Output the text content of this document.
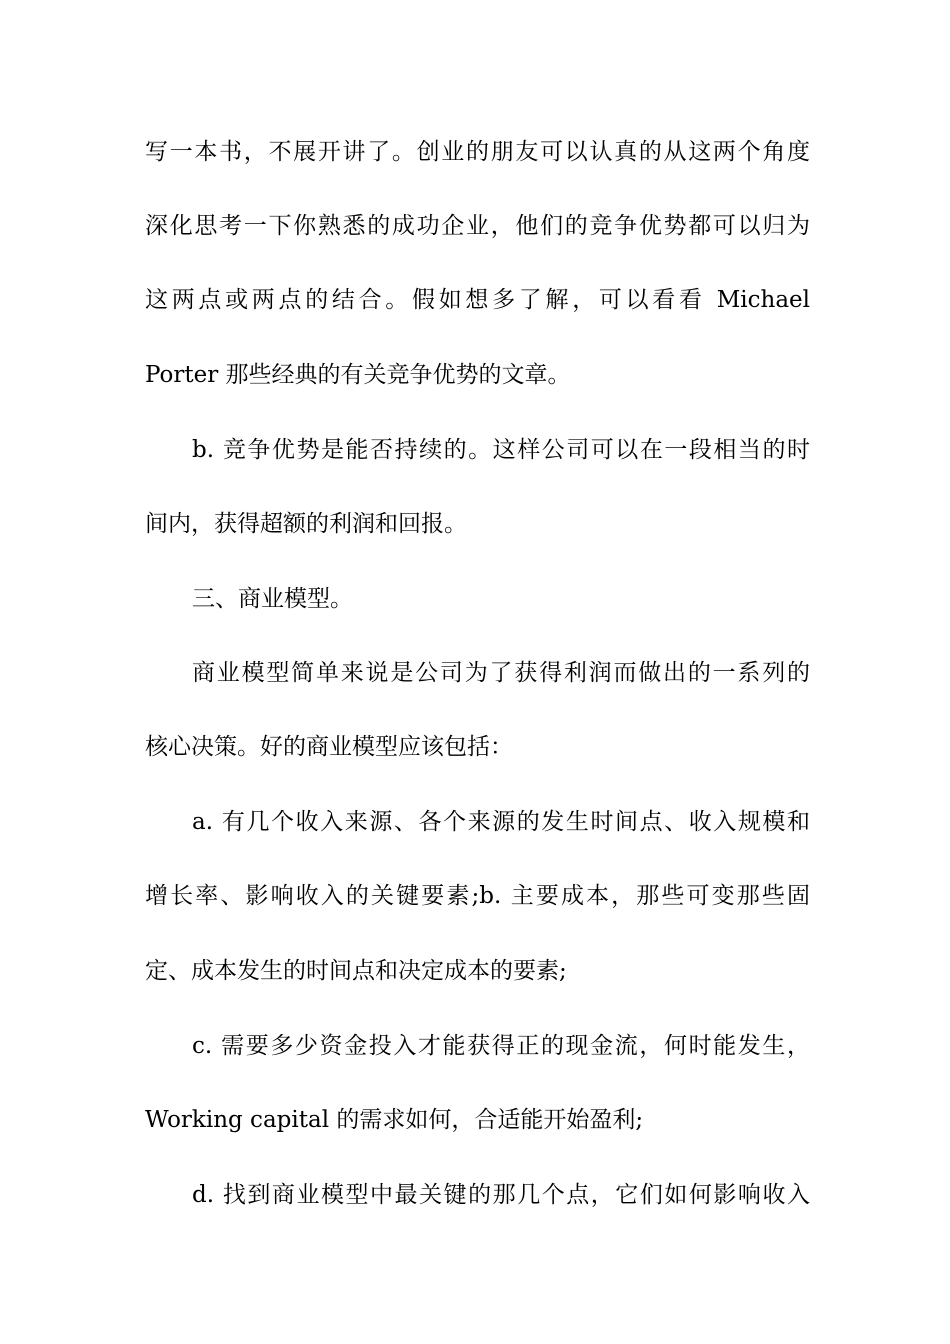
写一本书，不展开讲了。创业的朋友可以认真的从这两个角度
深化思考一下你熟悉的成功企业，他们的竞争优势都可以归为
这两点或两点的结合。假如想多了解，可以看看 Michael
Porter 那些经典的有关竞争优势的文章。
b. 竞争优势是能否持续的。这样公司可以在一段相当的时
间内，获得超额的利润和回报。
三、商业模型。
商业模型简单来说是公司为了获得利润而做出的一系列的
核心决策。好的商业模型应该包括：
a. 有几个收入来源、各个来源的发生时间点、收入规模和
增长率、影响收入的关键要素;b. 主要成本，那些可变那些固
定、成本发生的时间点和决定成本的要素;
c. 需要多少资金投入才能获得正的现金流，何时能发生，
Working capital 的需求如何，合适能开始盈利;
d. 找到商业模型中最关键的那几个点，它们如何影响收入
